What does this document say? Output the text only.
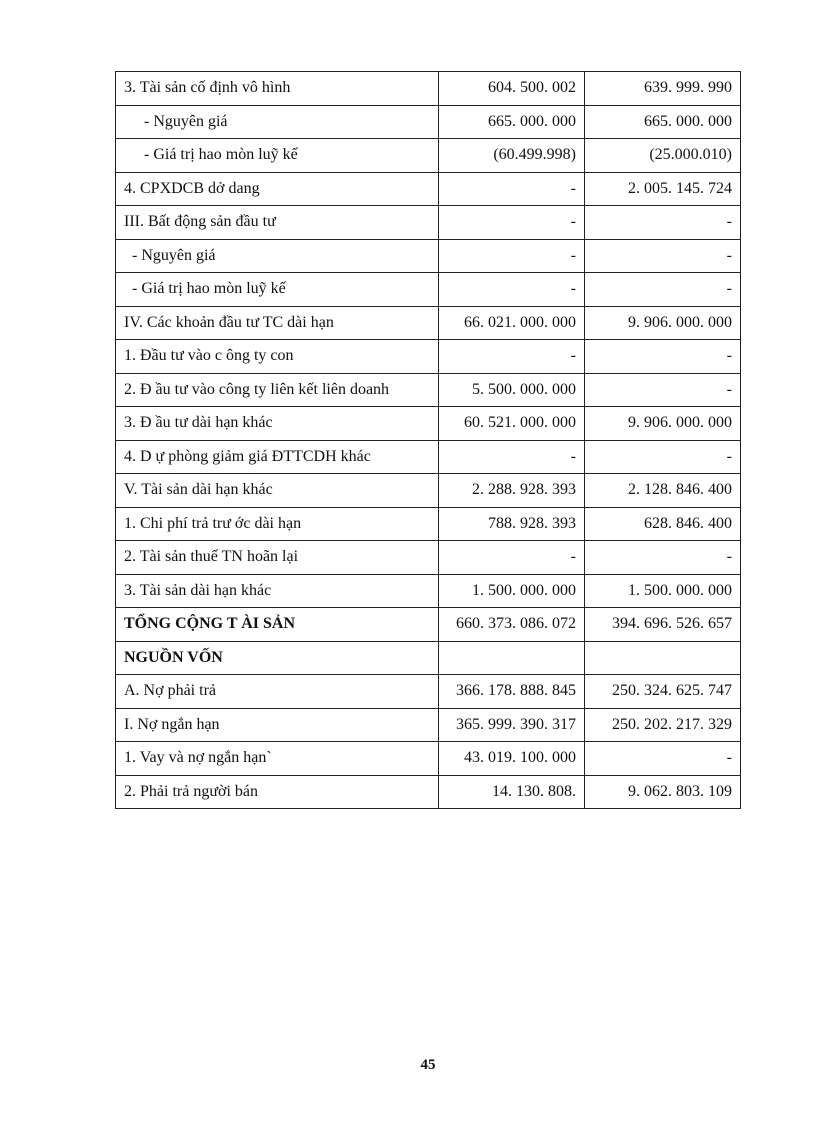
3. Tài sản cố định vô hình	604. 500. 002	639. 999. 990
- Nguyên giá	665. 000. 000	665. 000. 000
- Giá trị hao mòn luỹ kế	(60.499.998)	(25.000.010)
4. CPXDCB dở dang	-	2. 005. 145. 724
III. Bất động sản đầu tư	-	-
- Nguyên giá	-	-
- Giá trị hao mòn luỹ kế	-	-
IV. Các khoản đầu tư TC dài hạn	66. 021. 000. 000	9. 906. 000. 000
1. Đầu tư vào c ông ty con	-	-
2. Đ ầu tư vào công ty liên kết liên doanh	5. 500. 000. 000	-
3. Đ ầu tư dài hạn khác	60. 521. 000. 000	9. 906. 000. 000
4. D ự phòng giảm giá ĐTTCDH khác	-	-
V. Tài sản dài hạn khác	2. 288. 928. 393	2. 128. 846. 400
1. Chi phí trả trư ớc dài hạn	788. 928. 393	628. 846. 400
2. Tài sản thuế TN hoãn lại	-	-
3. Tài sản dài hạn khác	1. 500. 000. 000	1. 500. 000. 000
TỔNG CỘNG T ÀI SẢN	660. 373. 086. 072	394. 696. 526. 657
NGUỒN VỐN		
A. Nợ phải trả	366. 178. 888. 845	250. 324. 625. 747
I. Nợ ngắn hạn	365. 999. 390. 317	250. 202. 217. 329
1. Vay và nợ ngắn hạn`	43. 019. 100. 000	-
2. Phải trả người bán	14. 130. 808.	9. 062. 803. 109
45
